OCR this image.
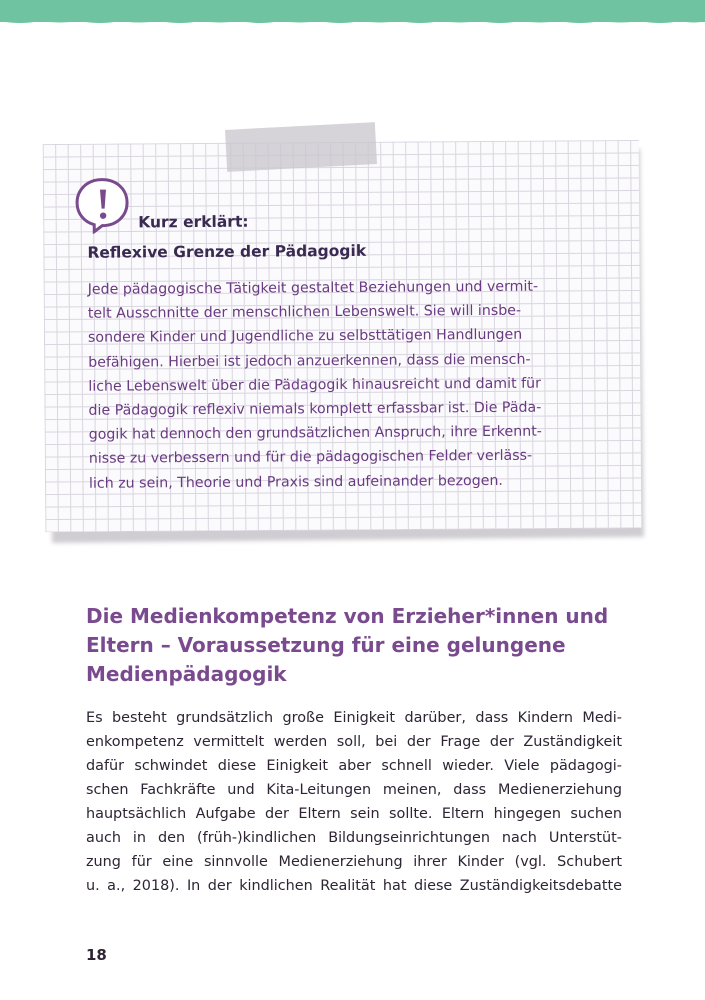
Kurz erklärt:
Reflexive Grenze der Pädagogik
Jede pädagogische Tätigkeit gestaltet Beziehungen und vermit-
telt Ausschnitte der menschlichen Lebenswelt. Sie will insbe-
sondere Kinder und Jugendliche zu selbsttätigen Handlungen
befähigen. Hierbei ist jedoch anzuerkennen, dass die mensch-
liche Lebenswelt über die Pädagogik hinausreicht und damit für
die Pädagogik reflexiv niemals komplett erfassbar ist. Die Päda-
gogik hat dennoch den grundsätzlichen Anspruch, ihre Erkennt-
nisse zu verbessern und für die pädagogischen Felder verläss-
lich zu sein, Theorie und Praxis sind aufeinander bezogen.
Die Medienkompetenz von Erzieher*innen und
Eltern – Voraussetzung für eine gelungene
Medienpädagogik
Es besteht grundsätzlich große Einigkeit darüber, dass Kindern Medi-
enkompetenz vermittelt werden soll, bei der Frage der Zuständigkeit
dafür schwindet diese Einigkeit aber schnell wieder. Viele pädagogi-
schen Fachkräfte und Kita-Leitungen meinen, dass Medienerziehung
hauptsächlich Aufgabe der Eltern sein sollte. Eltern hingegen suchen
auch in den (früh-)kindlichen Bildungseinrichtungen nach Unterstüt-
zung für eine sinnvolle Medienerziehung ihrer Kinder (vgl. Schubert
u. a., 2018). In der kindlichen Realität hat diese Zuständigkeitsdebatte
18
